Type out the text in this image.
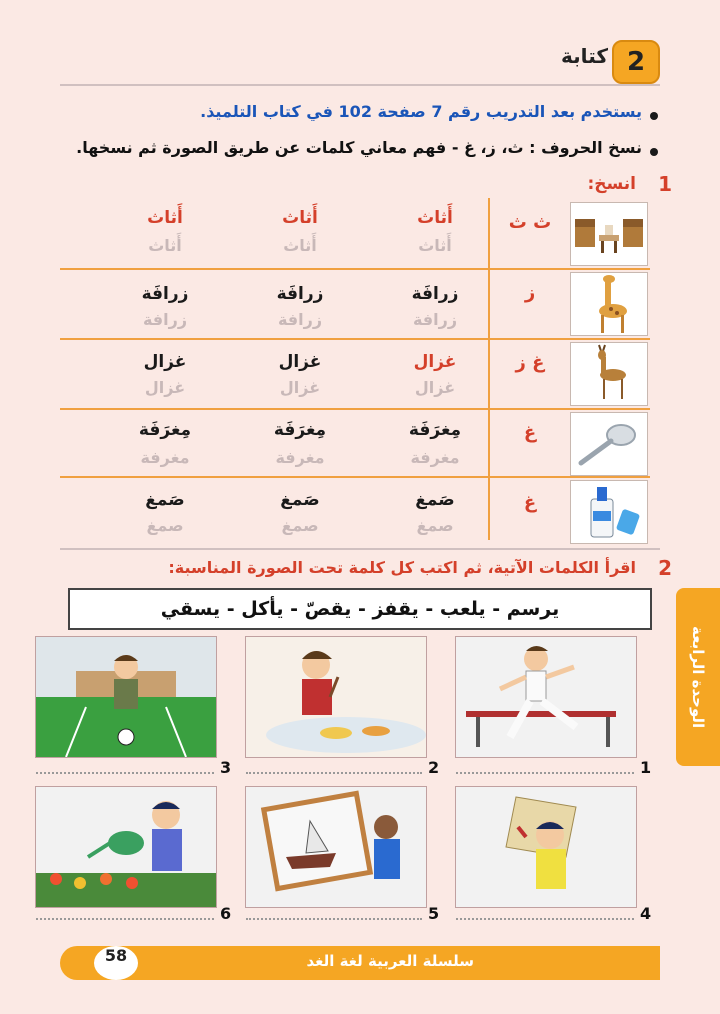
2
كتابة
يستخدم بعد التدريب رقم 7 صفحة 102 في كتاب التلميذ.
نسخ الحروف : ث، ز، غ - فهم معاني كلمات عن طريق الصورة ثم نسخها.
1
انسخ:
ث ث
أَثاث
أَثاث
أَثاث
أَثاث
أَثاث
أَثاث
ز
زرافَة
زرافَة
زرافَة
زرافة
زرافة
زرافة
غ ز
غزال
غزال
غزال
غزال
غزال
غزال
غ
مِغرَفَة
مِغرَفَة
مِغرَفَة
مغرفة
مغرفة
مغرفة
غ
صَمغ
صَمغ
صَمغ
صمغ
صمغ
صمغ
2
اقرأ الكلمات الآتية، ثم اكتب كل كلمة تحت الصورة المناسبة:
يرسم - يلعب - يقفز - يقصّ - يأكل - يسقي
1
2
3
4
5
6
الوحدة الرابعة
سلسلة العربية لغة الغد
58
